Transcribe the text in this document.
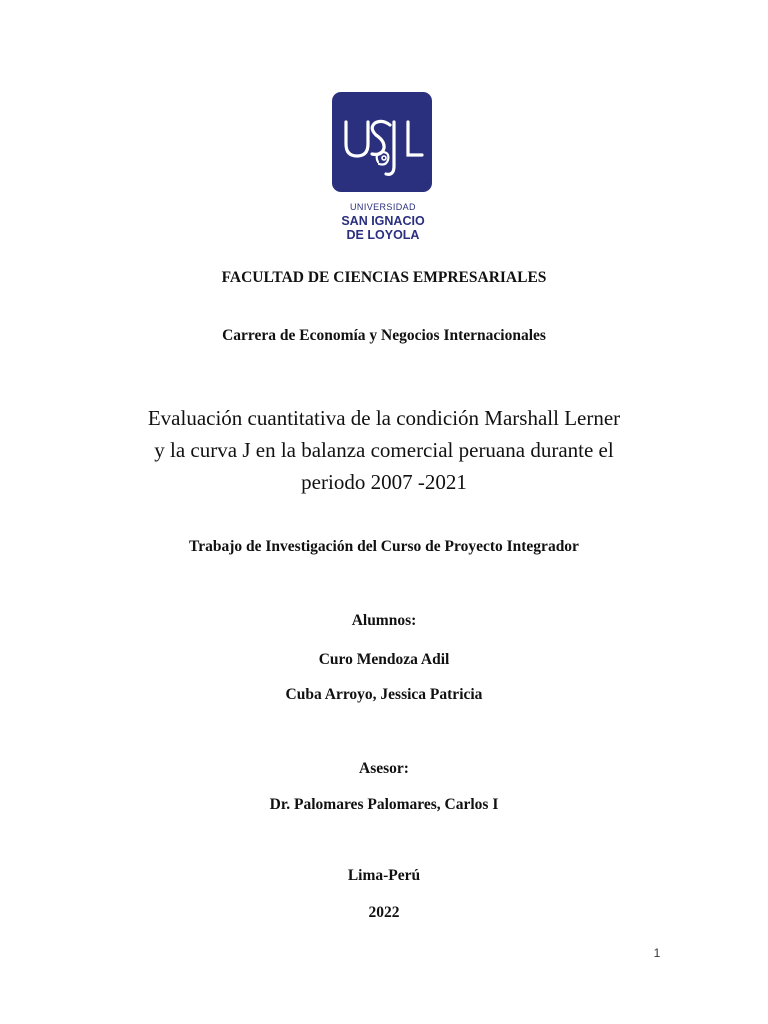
UNIVERSIDAD
SAN IGNACIO
DE LOYOLA
FACULTAD DE CIENCIAS EMPRESARIALES
Carrera de Economía y Negocios Internacionales
Evaluación cuantitativa de la condición Marshall Lerner
y la curva J en la balanza comercial peruana durante el
periodo 2007 -2021
Trabajo de Investigación del Curso de Proyecto Integrador
Alumnos:
Curo Mendoza Adil
Cuba Arroyo, Jessica Patricia
Asesor:
Dr. Palomares Palomares, Carlos I
Lima-Perú
2022
1
